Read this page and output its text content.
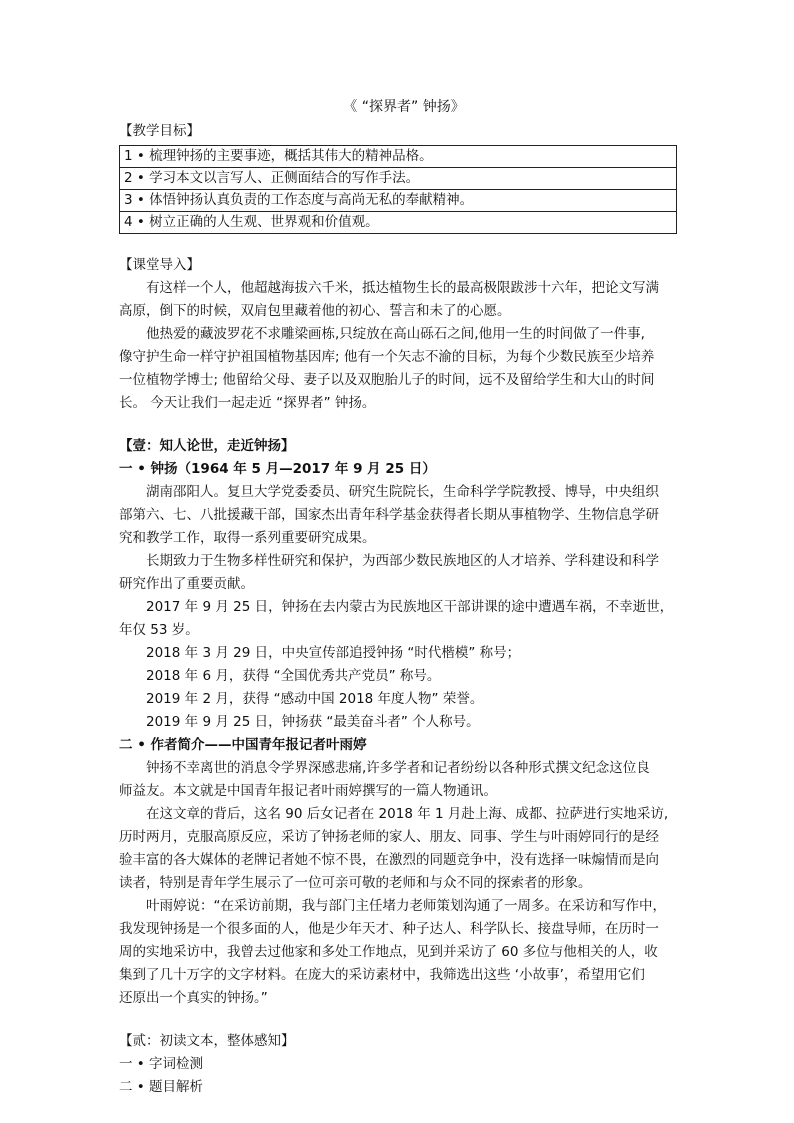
《 “探界者” 钟扬》
【教学目标】
1 • 梳理钟扬的主要事迹，概括其伟大的精神品格。
2 • 学习本文以言写人、正侧面结合的写作手法。
3 • 体悟钟扬认真负责的工作态度与高尚无私的奉献精神。
4 • 树立正确的人生观、世界观和价值观。
【课堂导入】
有这样一个人，他超越海拔六千米，抵达植物生长的最高极限跋涉十六年，把论文写满
高原，倒下的时候，双肩包里藏着他的初心、誓言和未了的心愿。
他热爱的藏波罗花不求雕梁画栋,只绽放在高山砾石之间,他用一生的时间做了一件事,
像守护生命一样守护祖国植物基因库; 他有一个矢志不渝的目标，为每个少数民族至少培养
一位植物学博士; 他留给父母、妻子以及双胞胎儿子的时间，远不及留给学生和大山的时间
长。 今天让我们一起走近 “探界者” 钟扬。
【壹：知人论世，走近钟扬】
一 • 钟扬（1964 年 5 月—2017 年 9 月 25 日）
湖南邵阳人。复旦大学党委委员、研究生院院长，生命科学学院教授、博导，中央组织
部第六、七、八批援藏干部，国家杰出青年科学基金获得者长期从事植物学、生物信息学研
究和教学工作，取得一系列重要研究成果。
长期致力于生物多样性研究和保护，为西部少数民族地区的人才培养、学科建设和科学
研究作出了重要贡献。
2017 年 9 月 25 日，钟扬在去内蒙古为民族地区干部讲课的途中遭遇车祸，不幸逝世，
年仅 53 岁。
2018 年 3 月 29 日，中央宣传部追授钟扬 “时代楷模” 称号；
2018 年 6 月，获得 “全国优秀共产党员” 称号。
2019 年 2 月，获得 “感动中国 2018 年度人物” 荣誉。
2019 年 9 月 25 日，钟扬获 “最美奋斗者” 个人称号。
二 • 作者简介——中国青年报记者叶雨婷
钟扬不幸离世的消息令学界深感悲痛,许多学者和记者纷纷以各种形式撰文纪念这位良
师益友。本文就是中国青年报记者叶雨婷撰写的一篇人物通讯。
在这文章的背后，这名 90 后女记者在 2018 年 1 月赴上海、成都、拉萨进行实地采访,
历时两月，克服高原反应，采访了钟扬老师的家人、朋友、同事、学生与叶雨婷同行的是经
验丰富的各大媒体的老牌记者她不惊不畏，在激烈的同题竞争中，没有选择一味煽情而是向
读者，特别是青年学生展示了一位可亲可敬的老师和与众不同的探索者的形象。
叶雨婷说：“在采访前期，我与部门主任堵力老师策划沟通了一周多。在采访和写作中，
我发现钟扬是一个很多面的人，他是少年天才、种子达人、科学队长、接盘导师，在历时一
周的实地采访中，我曾去过他家和多处工作地点，见到并采访了 60 多位与他相关的人，收
集到了几十万字的文字材料。在庞大的采访素材中，我筛选出这些 ‘小故事’，希望用它们
还原出一个真实的钟扬。”
【贰：初读文本，整体感知】
一 • 字词检测
二 • 题目解析
